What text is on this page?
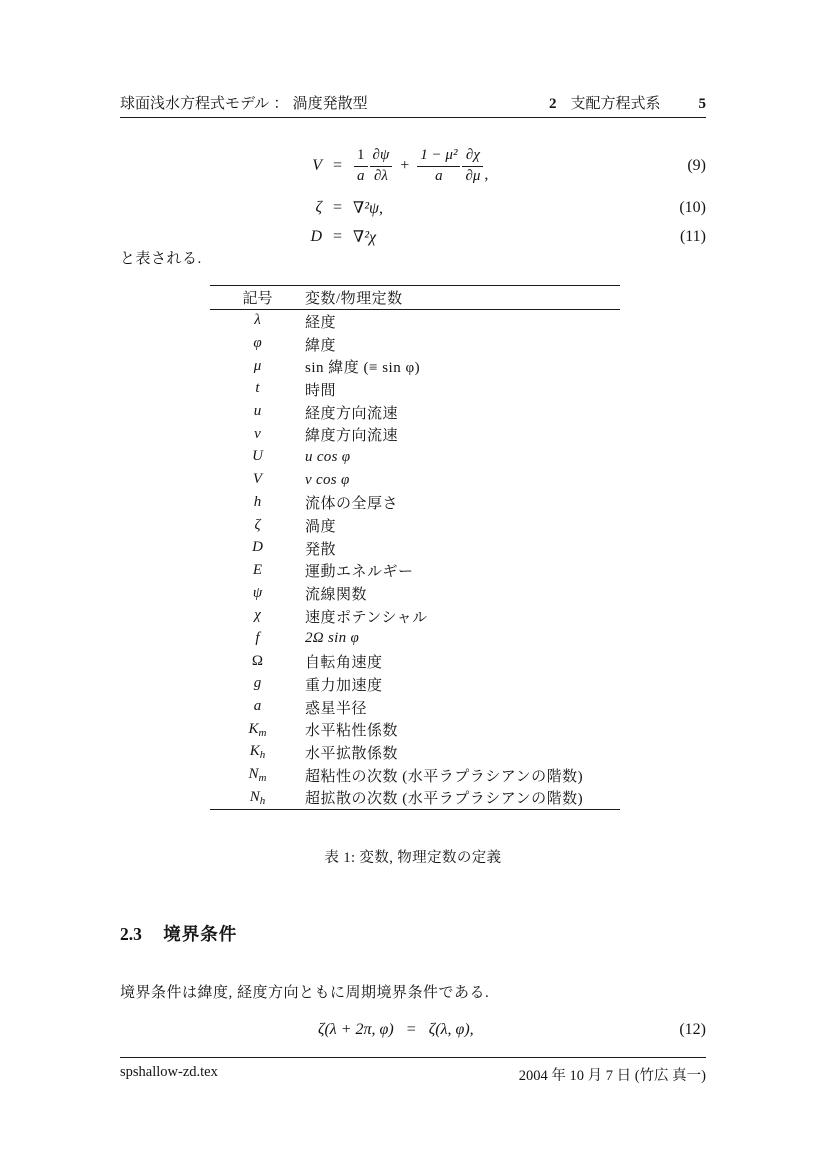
球面浅水方程式モデル ： 渦度発散型	2 支配方程式系	5
$V = \frac{1}{a} \frac{\partial\psi}{\partial\lambda} + \frac{\text{1 − μ²}}{a} \frac{\partial\chi}{\partial\mu}$ ,
(9)
ζ = ∇²ψ,	(10)
D = ∇²χ	(11)
と表される.
記号	変数/物理定数
λ	経度
φ	緯度
μ	sin 緯度 (≡ sin φ)
t	時間
u	経度方向流速
v	緯度方向流速
U	u cos φ
V	v cos φ
h	流体の全厚さ
ζ	渦度
D	発散
E	運動エネルギー
ψ	流線関数
χ	速度ポテンシャル
f	2Ω sin φ
Ω	自転角速度
g	重力加速度
a	惑星半径
$K_m$	水平粘性係数
$K_h$	水平拡散係数
$N_m$	超粘性の次数 (水平ラプラシアンの階数)
$N_h$	超拡散の次数 (水平ラプラシアンの階数)
表 1: 変数, 物理定数の定義
2.3 境界条件
境界条件は緯度, 経度方向ともに周期境界条件である.
ζ(λ + 2π, φ) = ζ(λ, φ),	(12)
spshallow-zd.tex	2004 年 10 月 7 日 (竹広 真一)
